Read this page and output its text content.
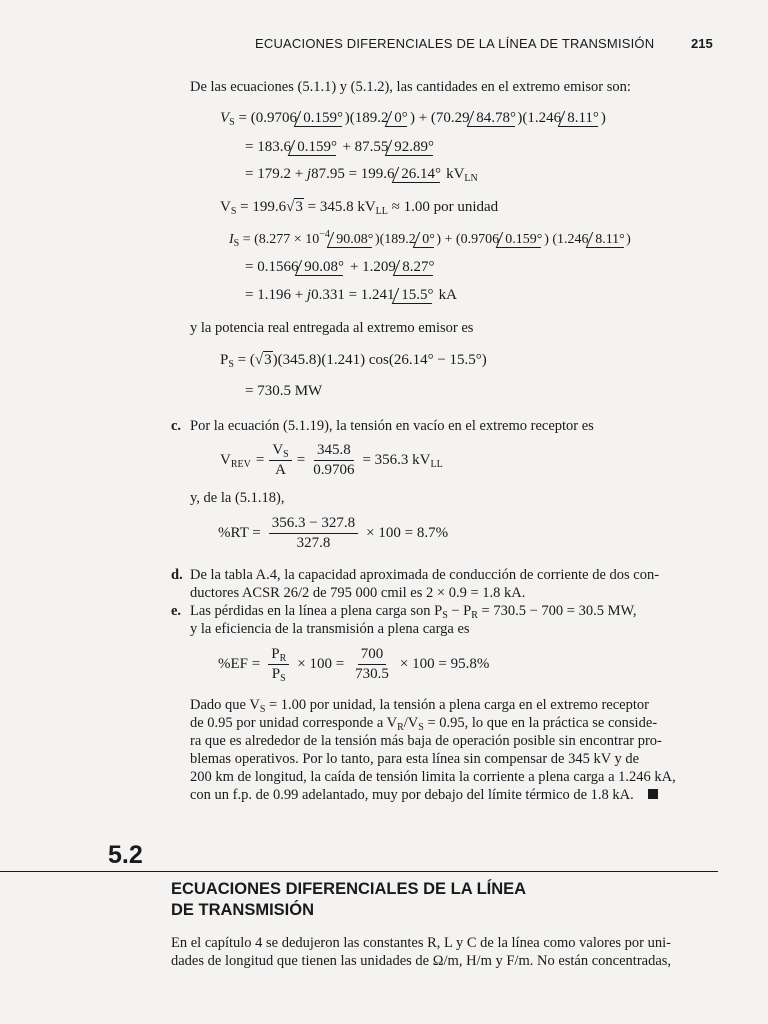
ECUACIONES DIFERENCIALES DE LA LÍNEA DE TRANSMISIÓN	215
De las ecuaciones (5.1.1) y (5.1.2), las cantidades en el extremo emisor son:
$V_S = (0.9706$ 0.159° )(189.2 0° ) + (70.29 84.78° )(1.246 8.11° )
= 183.6 0.159° + 87.55 92.89°
= 179.2 + j87.95 = 199.6 26.14° $kV_{LN}$
$V_S = 199.6√3 = 345.8$ $kV_{LL} \approx 1.00$ por unidad
$I_S = (8.277 \times 10^{-4}$ 90.08° )(189.2 0° ) + (0.9706 0.159° ) (1.246 8.11° )
= 0.1566 90.08° + 1.209 8.27°
= 1.196 + j0.331 = 1.241 15.5° kA
y la potencia real entregada al extremo emisor es
$P_S = (√3)(345.8)(1.241) \cos(26.14^\circ - 15.5^\circ)$
= 730.5 MW
c. Por la ecuación (5.1.19), la tensión en vacío en el extremo receptor es
$V_{REV} = \frac{V_S}{A} = \frac{345.8}{0.9706} = 356.3$ $kV_{LL}$
y, de la (5.1.18),
$\%RT = \frac{356.3 - 327.8}{327.8} \times 100 = 8.7\%$
d. De la tabla A.4, la capacidad aproximada de conducción de corriente de dos con-
ductores ACSR 26/2 de 795 000 cmil es 2 × 0.9 = 1.8 kA.
e. Las pérdidas en la línea a plena carga son $P_S - P_R = 730.5 - 700 = 30.5$ MW,
y la eficiencia de la transmisión a plena carga es
$\%EF = \frac{P_R}{P_S} \times 100 = \frac{700}{730.5} \times 100 = 95.8\%$
Dado que $V_S = 1.00$ por unidad, la tensión a plena carga en el extremo receptor
de 0.95 por unidad corresponde a $V_R/V_S = 0.95$, lo que en la práctica se conside-
ra que es alrededor de la tensión más baja de operación posible sin encontrar pro-
blemas operativos. Por lo tanto, para esta línea sin compensar de 345 kV y de
200 km de longitud, la caída de tensión limita la corriente a plena carga a 1.246 kA,
con un f.p. de 0.99 adelantado, muy por debajo del límite térmico de 1.8 kA.
5.2
ECUACIONES DIFERENCIALES DE LA LÍNEA
DE TRANSMISIÓN
En el capítulo 4 se dedujeron las constantes R, L y C de la línea como valores por uni-
dades de longitud que tienen las unidades de Ω/m, H/m y F/m. No están concentradas,
